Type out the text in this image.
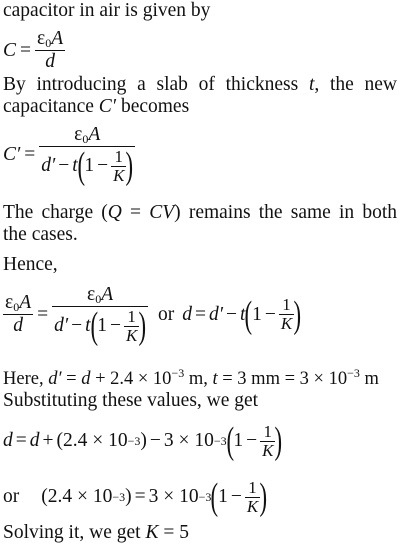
capacitor in air is given by
$C = \frac{\varepsilon_0A}{d}$
By introducing a slab of thickness t, the new
capacitance C′ becomes
C′ =
$\varepsilon_0A$
d′ − t ( $1 - \frac{1}{K}$ )
The charge (Q = CV) remains the same in both
the cases.
Hence,
$\frac{\varepsilon_0A}{d}$ =
$\varepsilon_0A$
d′ − t ( $1 - \frac{1}{K}$ ) or d = d′ − t ( $1 - \frac{1}{K}$ )
Here, $d' = d + 2.4 \times 10^{-3}$ m, t = 3 mm = $3 \times 10^{-3}$ m
Substituting these values, we get
d = d + (2.4 × 10 −3 ) − 3 × 10 −3 ( $1 - \frac{1}{K}$ )
or (2.4 × 10 −3 ) = 3 × 10 −3 ( $1 - \frac{1}{K}$ )
Solving it, we get K = 5
